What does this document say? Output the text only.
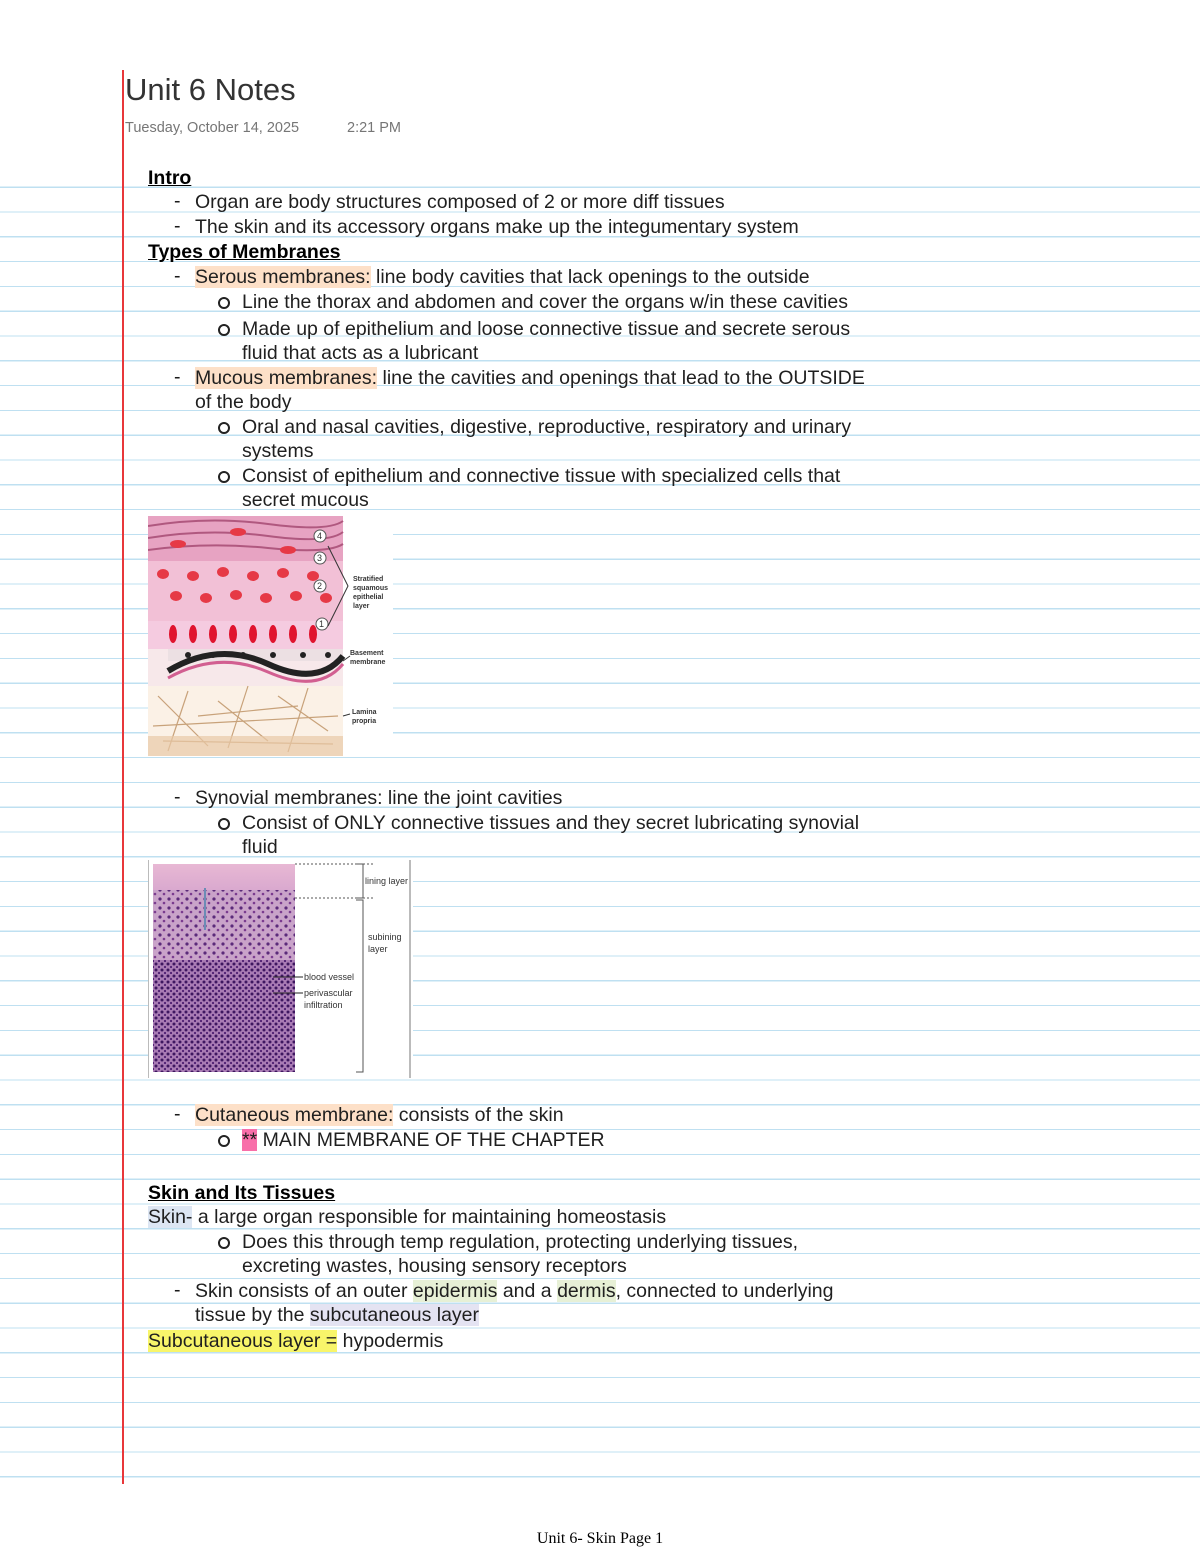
Unit 6 Notes
Tuesday, October 14, 2025	2:21 PM
Intro
- Organ are body structures composed of 2 or more diff tissues
- The skin and its accessory organs make up the integumentary system
Types of Membranes
- Serous membranes: line body cavities that lack openings to the outside
Line the thorax and abdomen and cover the organs w/in these cavities
Made up of epithelium and loose connective tissue and secrete serous
fluid that acts as a lubricant
- Mucous membranes: line the cavities and openings that lead to the OUTSIDE
of the body
Oral and nasal cavities, digestive, reproductive, respiratory and urinary
systems
Consist of epithelium and connective tissue with specialized cells that
secret mucous
4
3
2
1
Stratified
squamous
epithelial
layer
Basement
membrane
Lamina
propria
- Synovial membranes: line the joint cavities
Consist of ONLY connective tissues and they secret lubricating synovial
fluid
lining layer
subining
layer
blood vessel
perivascular
infiltration
- Cutaneous membrane: consists of the skin
** MAIN MEMBRANE OF THE CHAPTER
Skin and Its Tissues
Skin- a large organ responsible for maintaining homeostasis
Does this through temp regulation, protecting underlying tissues,
excreting wastes, housing sensory receptors
- Skin consists of an outer epidermis and a dermis, connected to underlying
tissue by the subcutaneous layer
Subcutaneous layer = hypodermis
Unit 6- Skin Page 1
